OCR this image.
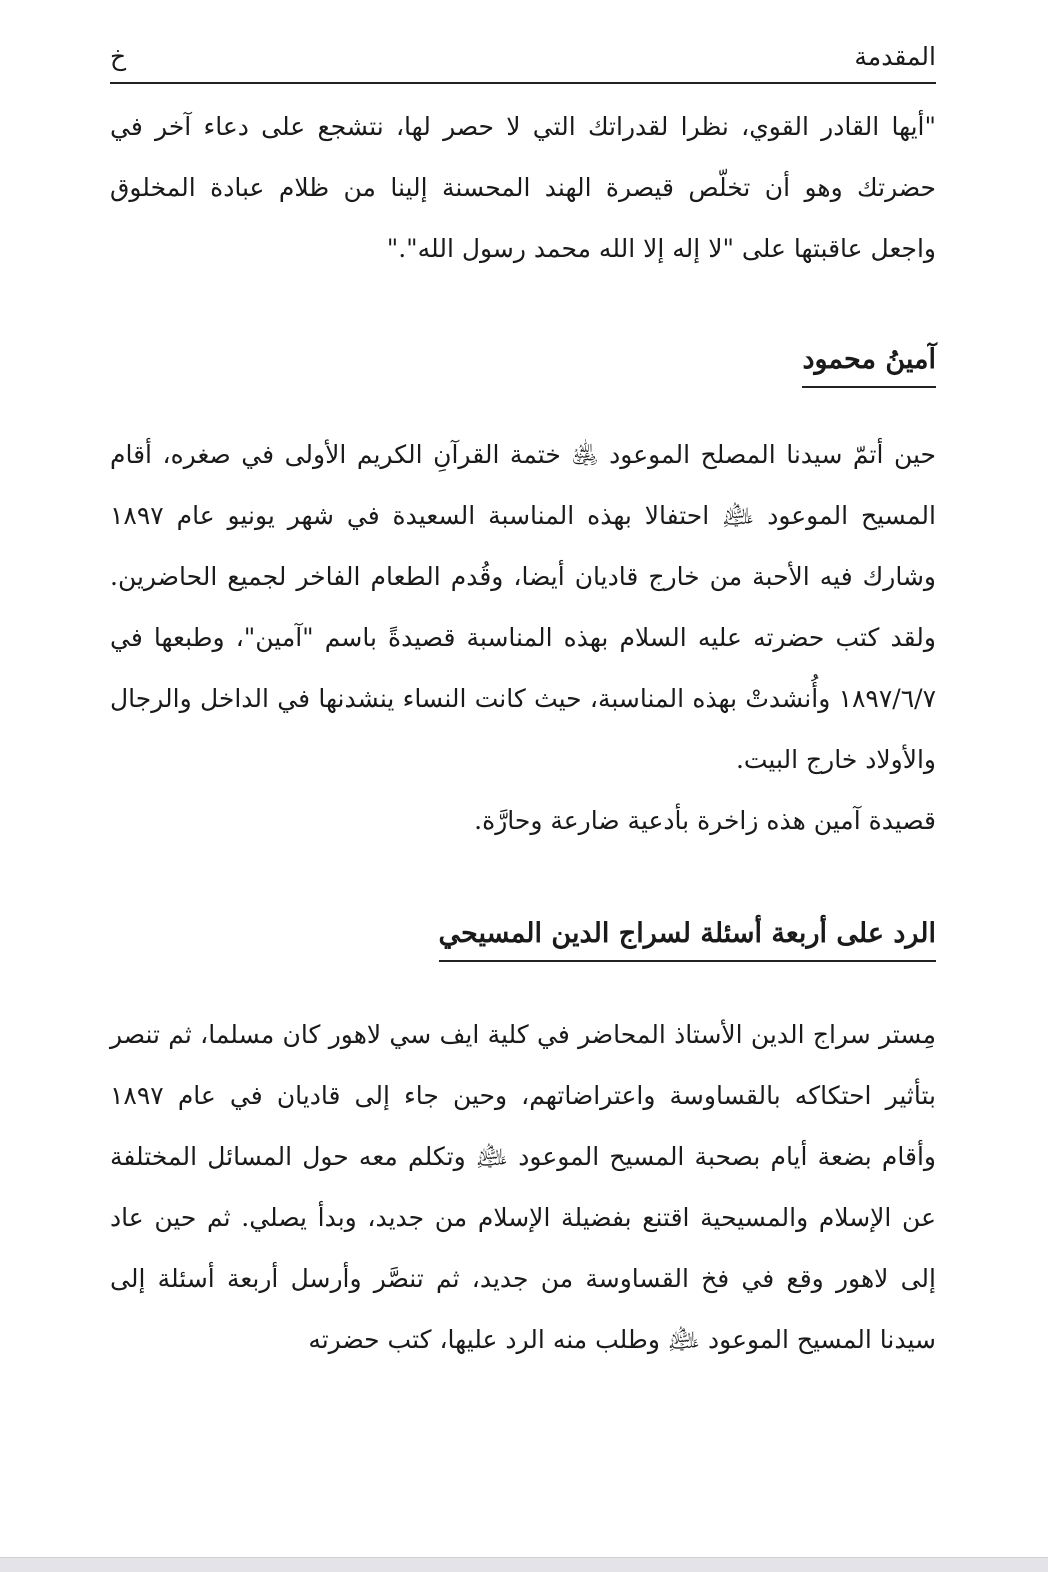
المقدمة
خ

"أيها القادر القوي، نظرا لقدراتك التي لا حصر لها، نتشجع على دعاء آخر في حضرتك وهو أن تخلّص قيصرة الهند المحسنة إلينا من ظلام عبادة المخلوق واجعل عاقبتها على "لا إله إلا الله محمد رسول الله"."

آمينُ محمود

حين أتمّ سيدنا المصلح الموعود ﵁ ختمة القرآنِ الكريم الأولى في صغره، أقام المسيح الموعود ﵇ احتفالا بهذه المناسبة السعيدة في شهر يونيو عام ١٨٩٧ وشارك فيه الأحبة من خارج قاديان أيضا، وقُدم الطعام الفاخر لجميع الحاضرين. ولقد كتب حضرته عليه السلام بهذه المناسبة قصيدةً باسم "آمين"، وطبعها في ١٨٩٧/٦/٧ وأُنشدتْ بهذه المناسبة، حيث كانت النساء ينشدنها في الداخل والرجال والأولاد خارج البيت.

قصيدة آمين هذه زاخرة بأدعية ضارعة وحارَّة.

الرد على أربعة أسئلة لسراج الدين المسيحي

مِستر سراج الدين الأستاذ المحاضر في كلية ايف سي لاهور كان مسلما، ثم تنصر بتأثير احتكاكه بالقساوسة واعتراضاتهم، وحين جاء إلى قاديان في عام ١٨٩٧ وأقام بضعة أيام بصحبة المسيح الموعود ﵇ وتكلم معه حول المسائل المختلفة عن الإسلام والمسيحية اقتنع بفضيلة الإسلام من جديد، وبدأ يصلي. ثم حين عاد إلى لاهور وقع في فخ القساوسة من جديد، ثم تنصَّر وأرسل أربعة أسئلة إلى سيدنا المسيح الموعود ﵇ وطلب منه الرد عليها، كتب حضرته
